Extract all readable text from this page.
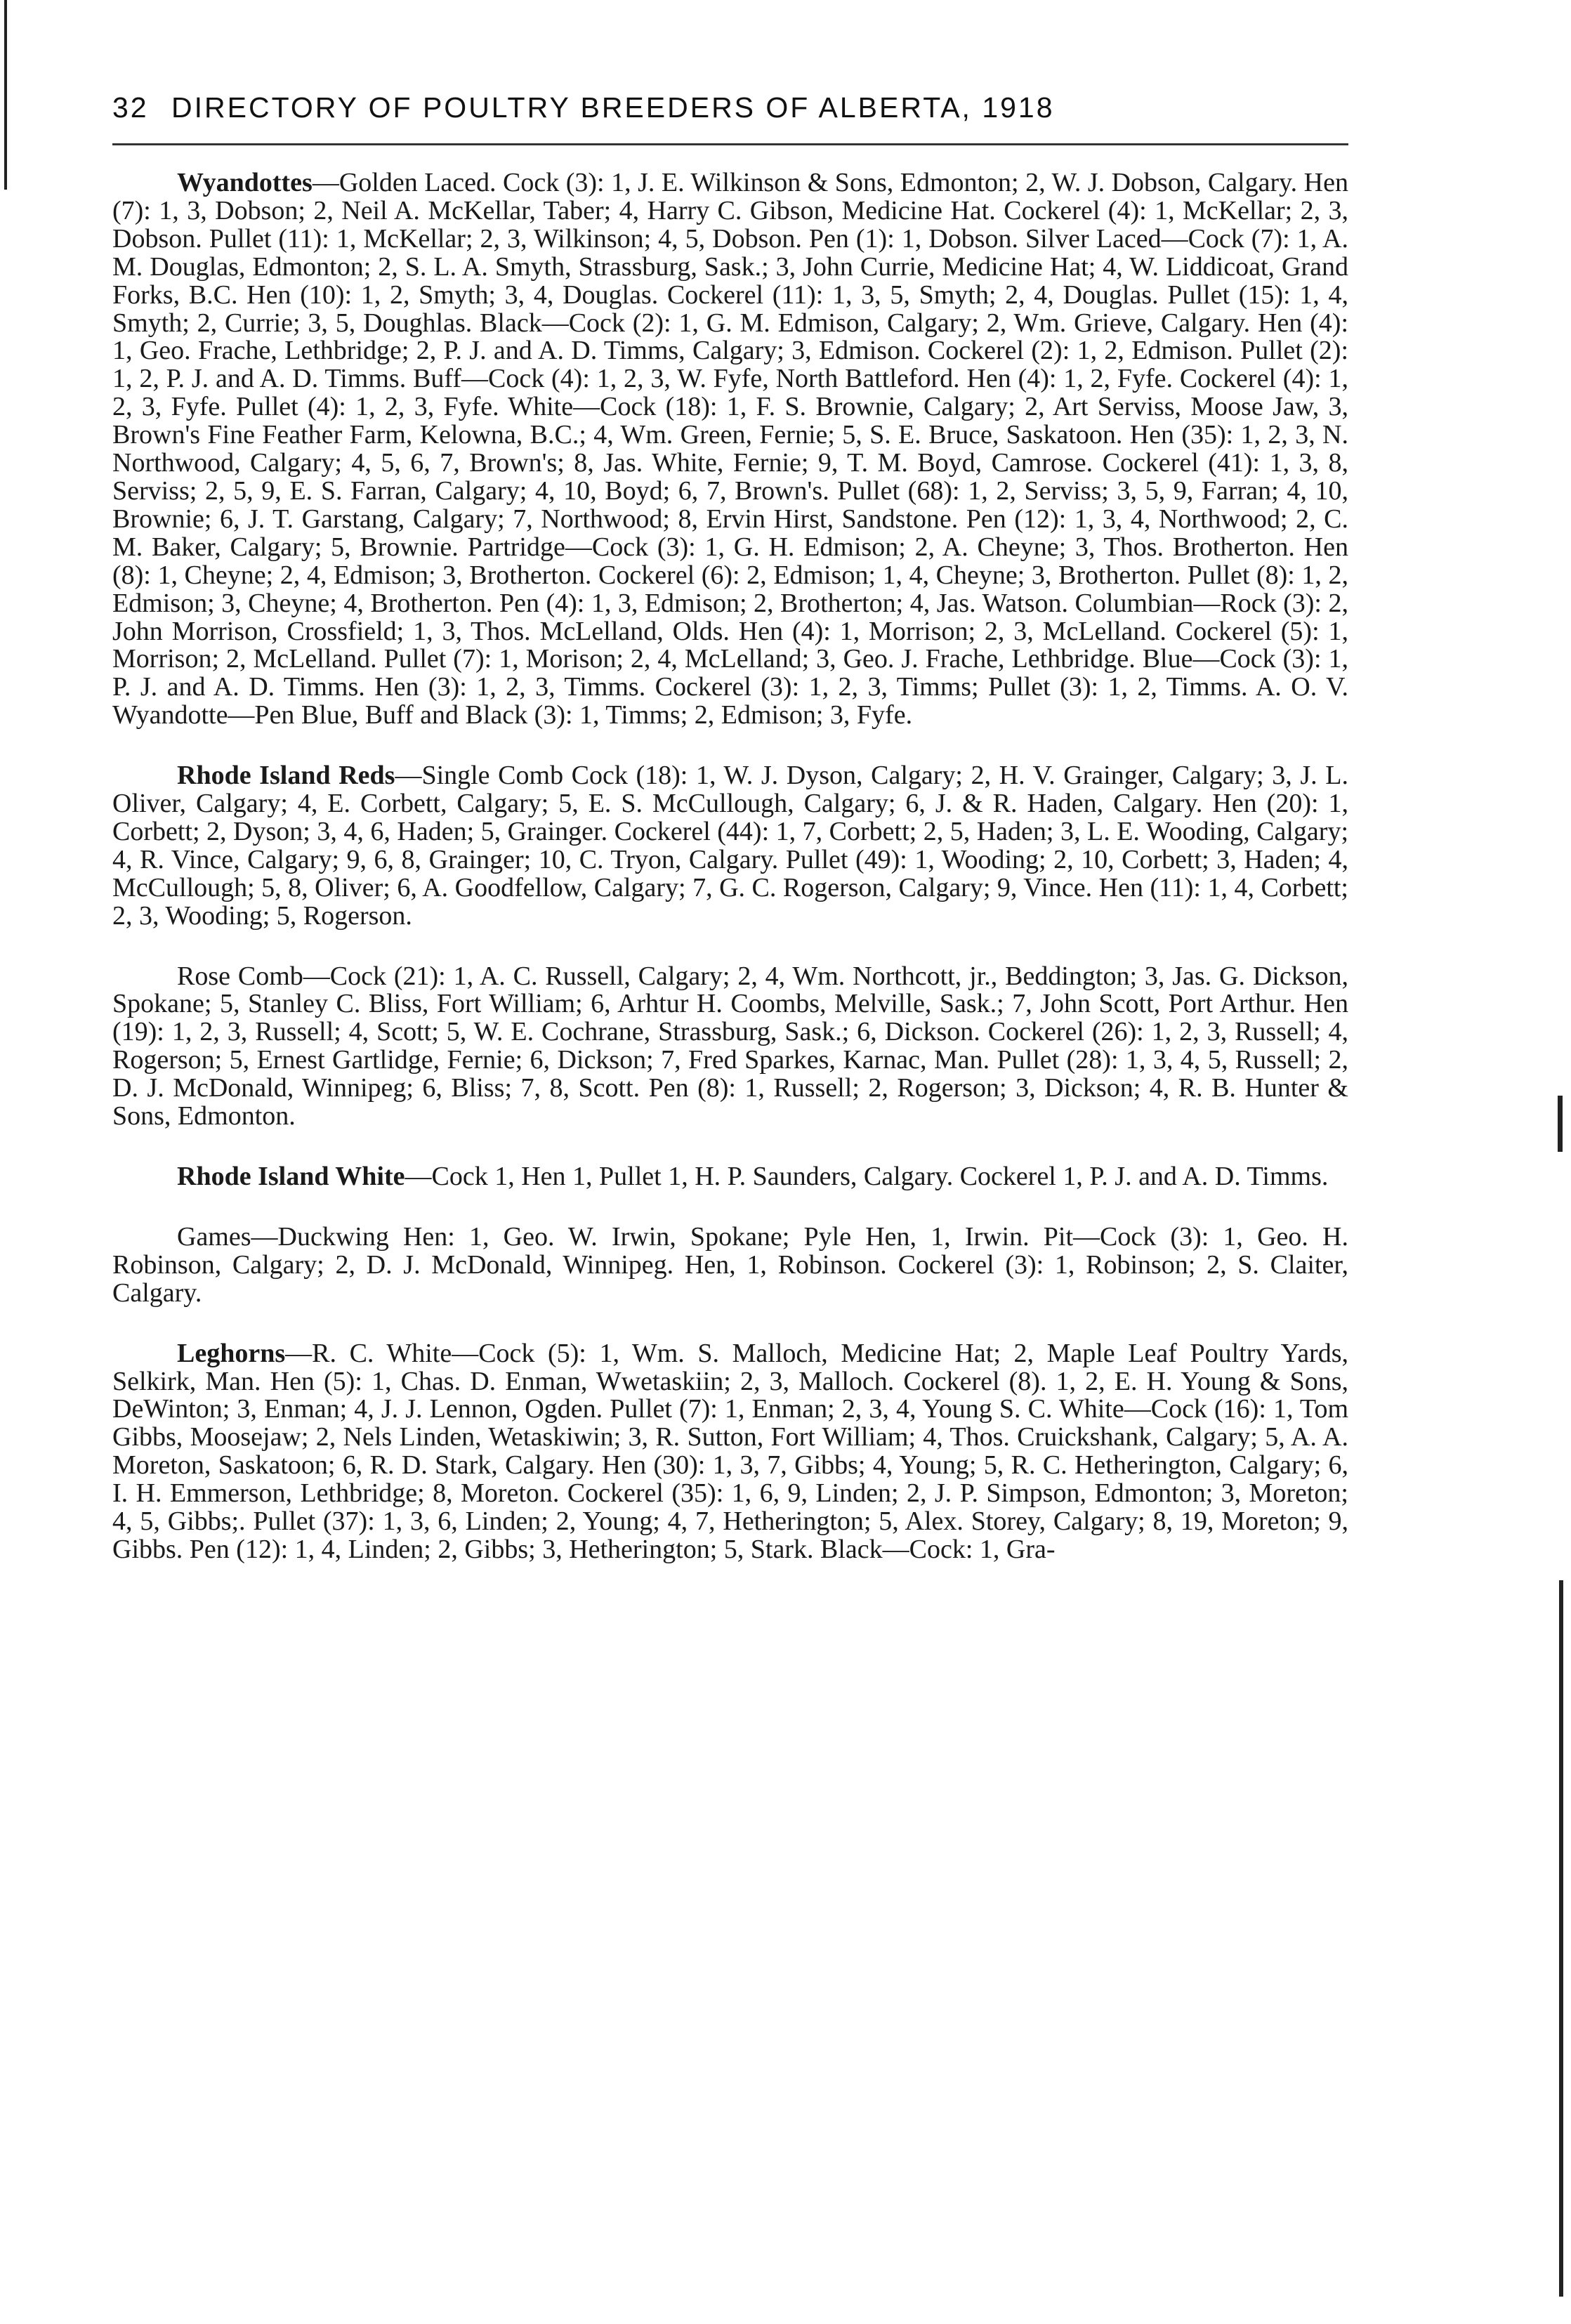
32 DIRECTORY OF POULTRY BREEDERS OF ALBERTA, 1918

Wyandottes—Golden Laced. Cock (3): 1, J. E. Wilkinson & Sons, Edmonton; 2, W. J. Dobson, Calgary. Hen (7): 1, 3, Dobson; 2, Neil A. McKellar, Taber; 4, Harry C. Gibson, Medicine Hat. Cockerel (4): 1, McKellar; 2, 3, Dobson. Pullet (11): 1, McKellar; 2, 3, Wilkinson; 4, 5, Dobson. Pen (1): 1, Dobson. Silver Laced—Cock (7): 1, A. M. Douglas, Edmonton; 2, S. L. A. Smyth, Strassburg, Sask.; 3, John Currie, Medicine Hat; 4, W. Liddicoat, Grand Forks, B.C. Hen (10): 1, 2, Smyth; 3, 4, Douglas. Cockerel (11): 1, 3, 5, Smyth; 2, 4, Douglas. Pullet (15): 1, 4, Smyth; 2, Currie; 3, 5, Doughlas. Black—Cock (2): 1, G. M. Edmison, Calgary; 2, Wm. Grieve, Calgary. Hen (4): 1, Geo. Frache, Lethbridge; 2, P. J. and A. D. Timms, Calgary; 3, Edmison. Cockerel (2): 1, 2, Edmison. Pullet (2): 1, 2, P. J. and A. D. Timms. Buff—Cock (4): 1, 2, 3, W. Fyfe, North Battleford. Hen (4): 1, 2, Fyfe. Cockerel (4): 1, 2, 3, Fyfe. Pullet (4): 1, 2, 3, Fyfe. White—Cock (18): 1, F. S. Brownie, Calgary; 2, Art Serviss, Moose Jaw, 3, Brown's Fine Feather Farm, Kelowna, B.C.; 4, Wm. Green, Fernie; 5, S. E. Bruce, Saskatoon. Hen (35): 1, 2, 3, N. Northwood, Calgary; 4, 5, 6, 7, Brown's; 8, Jas. White, Fernie; 9, T. M. Boyd, Camrose. Cockerel (41): 1, 3, 8, Serviss; 2, 5, 9, E. S. Farran, Calgary; 4, 10, Boyd; 6, 7, Brown's. Pullet (68): 1, 2, Serviss; 3, 5, 9, Farran; 4, 10, Brownie; 6, J. T. Garstang, Calgary; 7, Northwood; 8, Ervin Hirst, Sandstone. Pen (12): 1, 3, 4, Northwood; 2, C. M. Baker, Calgary; 5, Brownie. Partridge—Cock (3): 1, G. H. Edmison; 2, A. Cheyne; 3, Thos. Brotherton. Hen (8): 1, Cheyne; 2, 4, Edmison; 3, Brotherton. Cockerel (6): 2, Edmison; 1, 4, Cheyne; 3, Brotherton. Pullet (8): 1, 2, Edmison; 3, Cheyne; 4, Brotherton. Pen (4): 1, 3, Edmison; 2, Brotherton; 4, Jas. Watson. Columbian—Rock (3): 2, John Morrison, Crossfield; 1, 3, Thos. McLelland, Olds. Hen (4): 1, Morrison; 2, 3, McLelland. Cockerel (5): 1, Morrison; 2, McLelland. Pullet (7): 1, Morison; 2, 4, McLelland; 3, Geo. J. Frache, Lethbridge. Blue—Cock (3): 1, P. J. and A. D. Timms. Hen (3): 1, 2, 3, Timms. Cockerel (3): 1, 2, 3, Timms; Pullet (3): 1, 2, Timms. A. O. V. Wyandotte—Pen Blue, Buff and Black (3): 1, Timms; 2, Edmison; 3, Fyfe.

Rhode Island Reds—Single Comb Cock (18): 1, W. J. Dyson, Calgary; 2, H. V. Grainger, Calgary; 3, J. L. Oliver, Calgary; 4, E. Corbett, Calgary; 5, E. S. McCullough, Calgary; 6, J. & R. Haden, Calgary. Hen (20): 1, Corbett; 2, Dyson; 3, 4, 6, Haden; 5, Grainger. Cockerel (44): 1, 7, Corbett; 2, 5, Haden; 3, L. E. Wooding, Calgary; 4, R. Vince, Calgary; 9, 6, 8, Grainger; 10, C. Tryon, Calgary. Pullet (49): 1, Wooding; 2, 10, Corbett; 3, Haden; 4, McCullough; 5, 8, Oliver; 6, A. Goodfellow, Calgary; 7, G. C. Rogerson, Calgary; 9, Vince. Hen (11): 1, 4, Corbett; 2, 3, Wooding; 5, Rogerson.

Rose Comb—Cock (21): 1, A. C. Russell, Calgary; 2, 4, Wm. Northcott, jr., Beddington; 3, Jas. G. Dickson, Spokane; 5, Stanley C. Bliss, Fort William; 6, Arhtur H. Coombs, Melville, Sask.; 7, John Scott, Port Arthur. Hen (19): 1, 2, 3, Russell; 4, Scott; 5, W. E. Cochrane, Strassburg, Sask.; 6, Dickson. Cockerel (26): 1, 2, 3, Russell; 4, Rogerson; 5, Ernest Gartlidge, Fernie; 6, Dickson; 7, Fred Sparkes, Karnac, Man. Pullet (28): 1, 3, 4, 5, Russell; 2, D. J. McDonald, Winnipeg; 6, Bliss; 7, 8, Scott. Pen (8): 1, Russell; 2, Rogerson; 3, Dickson; 4, R. B. Hunter & Sons, Edmonton.

Rhode Island White—Cock 1, Hen 1, Pullet 1, H. P. Saunders, Calgary. Cockerel 1, P. J. and A. D. Timms.

Games—Duckwing Hen: 1, Geo. W. Irwin, Spokane; Pyle Hen, 1, Irwin. Pit—Cock (3): 1, Geo. H. Robinson, Calgary; 2, D. J. McDonald, Winnipeg. Hen, 1, Robinson. Cockerel (3): 1, Robinson; 2, S. Claiter, Calgary.

Leghorns—R. C. White—Cock (5): 1, Wm. S. Malloch, Medicine Hat; 2, Maple Leaf Poultry Yards, Selkirk, Man. Hen (5): 1, Chas. D. Enman, Wwetaskiin; 2, 3, Malloch. Cockerel (8). 1, 2, E. H. Young & Sons, DeWinton; 3, Enman; 4, J. J. Lennon, Ogden. Pullet (7): 1, Enman; 2, 3, 4, Young S. C. White—Cock (16): 1, Tom Gibbs, Moosejaw; 2, Nels Linden, Wetaskiwin; 3, R. Sutton, Fort William; 4, Thos. Cruickshank, Calgary; 5, A. A. Moreton, Saskatoon; 6, R. D. Stark, Calgary. Hen (30): 1, 3, 7, Gibbs; 4, Young; 5, R. C. Hetherington, Calgary; 6, I. H. Emmerson, Lethbridge; 8, Moreton. Cockerel (35): 1, 6, 9, Linden; 2, J. P. Simpson, Edmonton; 3, Moreton; 4, 5, Gibbs;. Pullet (37): 1, 3, 6, Linden; 2, Young; 4, 7, Hetherington; 5, Alex. Storey, Calgary; 8, 19, Moreton; 9, Gibbs. Pen (12): 1, 4, Linden; 2, Gibbs; 3, Hetherington; 5, Stark. Black—Cock: 1, Gra-
